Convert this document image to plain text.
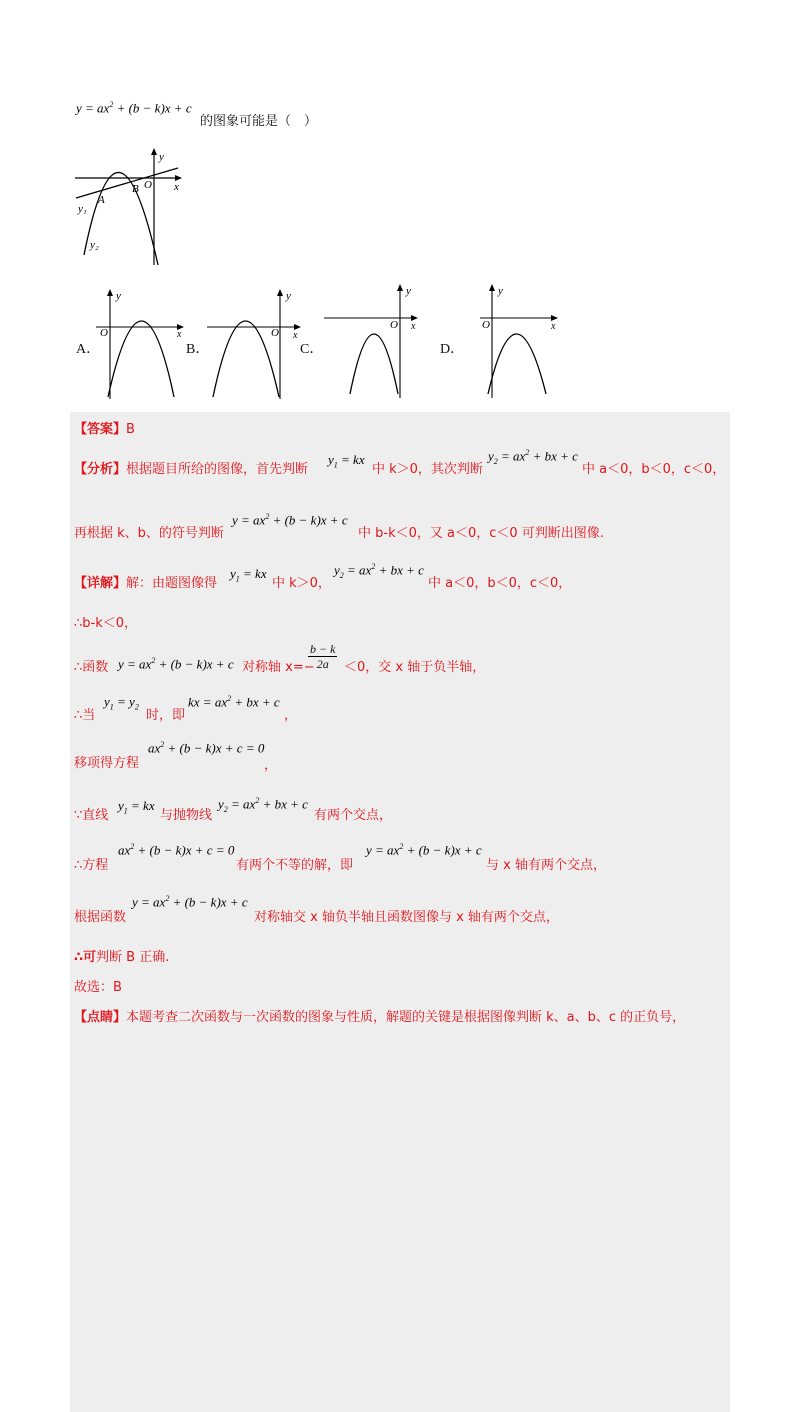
$y = ax^2 + (b - k)x + c$
的图象可能是（　）
y
x
O
A
B
y₁
y₂
A．
y
O	x
B．
y
O x
C．
y
O x
D．
y
O	x
【答案】B
【分析】根据题目所给的图像，首先判断
$y_1$ = kx
中 k＞0，其次判断
$y_2 = ax^2$ + bx + c
中 a＜0，b＜0，c＜0，
再根据 k、b、的符号判断
$y = ax^2 + (b - k)x + c$
中 b-k＜0，又 a＜0，c＜0 可判断出图像.
【详解】解：由题图像得
$y_1$ = kx
中 k＞0，
$y_2 = ax^2$ + bx + c
中 a＜0，b＜0，c＜0，
∴b-k＜0，
∴函数 $y = ax^2 + (b - k)x + c$ 对称轴 x=−
$\frac{b - k}{2a} <0$，交 x 轴于负半轴，
∴当
$y_1 = y_2$
时，即
kx = $ax^2$ + bx + c
，
移项得方程
$ax^2 + (b - k)x + c = 0$
，
∵直线
$y_1$ = kx
与抛物线
$y_2 = ax^2$ + bx + c
有两个交点，
∴方程
$ax^2 + (b - k)x + c = 0$
有两个不等的解，即
$y = ax^2 + (b - k)x + c$
与 x 轴有两个交点，
根据函数
$y = ax^2 + (b - k)x + c$
对称轴交 x 轴负半轴且函数图像与 x 轴有两个交点，
∴可判断 B 正确.
故选：B
【点睛】本题考查二次函数与一次函数的图象与性质，解题的关键是根据图像判断 k、a、b、c 的正负号，
